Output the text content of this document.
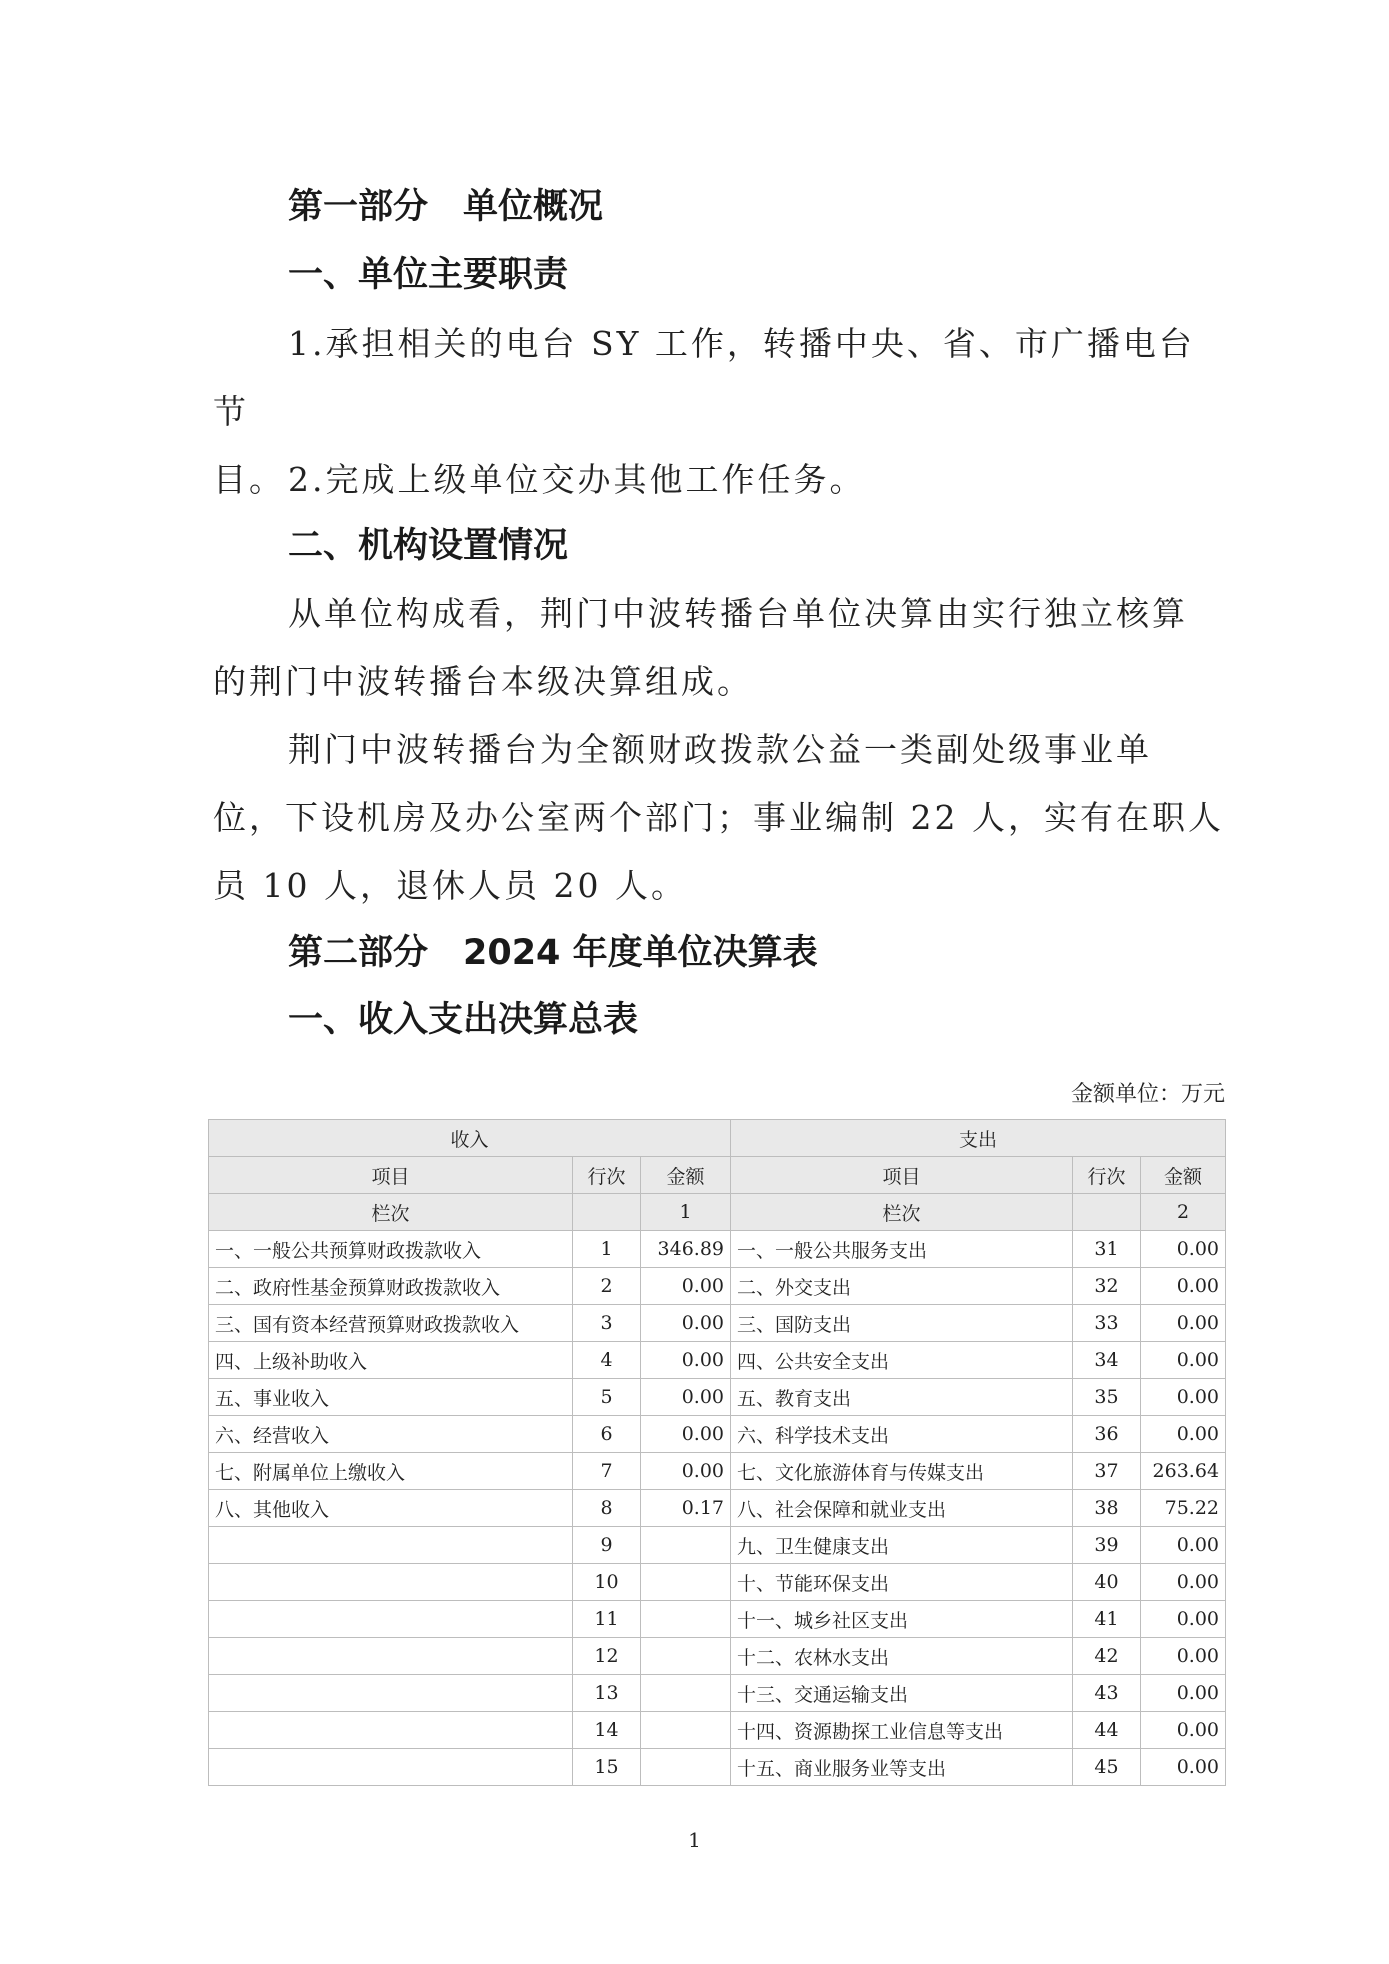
第一部分　单位概况
一、单位主要职责
1.承担相关的电台 SY 工作，转播中央、省、市广播电台节
目。 2.完成上级单位交办其他工作任务。
二、机构设置情况
从单位构成看，荆门中波转播台单位决算由实行独立核算
的荆门中波转播台本级决算组成。
荆门中波转播台为全额财政拨款公益一类副处级事业单
位，下设机房及办公室两个部门；事业编制 22 人，实有在职人
员 10 人，退休人员 20 人。
第二部分　2024 年度单位决算表
一、收入支出决算总表
金额单位：万元
收入			支出		
项目	行次	金额	项目	行次	金额
栏次		1	栏次		2
一、一般公共预算财政拨款收入	1	346.89	一、一般公共服务支出	31	0.00
二、政府性基金预算财政拨款收入	2	0.00	二、外交支出	32	0.00
三、国有资本经营预算财政拨款收入	3	0.00	三、国防支出	33	0.00
四、上级补助收入	4	0.00	四、公共安全支出	34	0.00
五、事业收入	5	0.00	五、教育支出	35	0.00
六、经营收入	6	0.00	六、科学技术支出	36	0.00
七、附属单位上缴收入	7	0.00	七、文化旅游体育与传媒支出	37	263.64
八、其他收入	8	0.17	八、社会保障和就业支出	38	75.22
	9		九、卫生健康支出	39	0.00
	10		十、节能环保支出	40	0.00
	11		十一、城乡社区支出	41	0.00
	12		十二、农林水支出	42	0.00
	13		十三、交通运输支出	43	0.00
	14		十四、资源勘探工业信息等支出	44	0.00
	15		十五、商业服务业等支出	45	0.00
1
